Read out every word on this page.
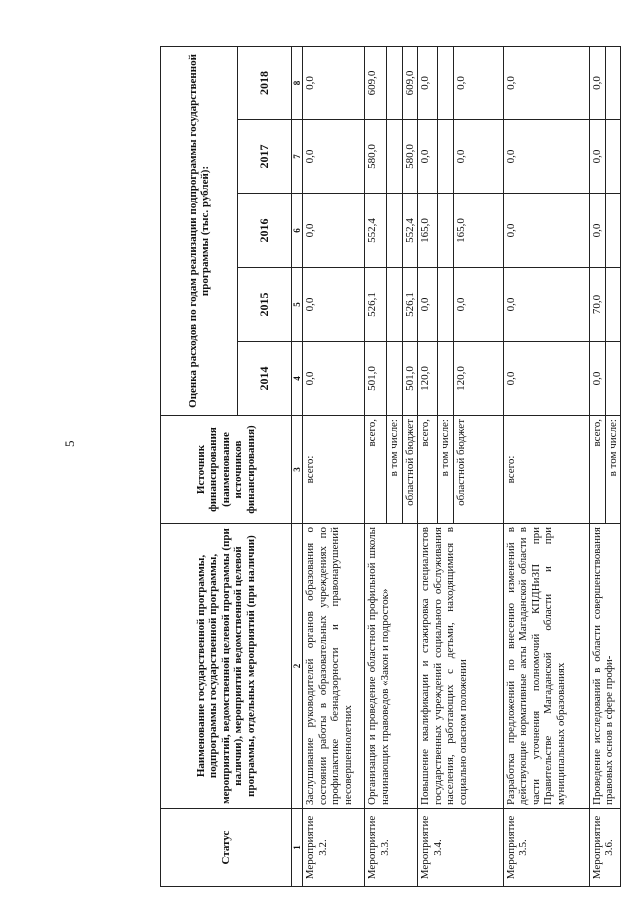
5
Статус	Наименование государственной программы, подпрограммы государственной программы, мероприятий, ведомственной целевой программы (при наличии), мероприятий ведомственной целевой программы, отдельных мероприятий (при наличии)	Источник финансирования (наименование источников финансирования)	Оценка расходов по годам реализации подпрограммы государственной программы (тыс. рублей):				
			2014	2015	2016	2017	2018
1	2	3	4	5	6	7	8
Мероприятие 3.2.	Заслушивание руководителей органов образования о состоянии работы в образовательных учреждениях по профилактике безнадзорности и правонарушений несовершеннолетних	всего:	0,0	0,0	0,0	0,0	0,0
Мероприятие 3.3.	Организация и проведение областной профильной школы начинающих правоведов «Закон и подросток»	всего,	501,0	526,1	552,4	580,0	609,0
		в том числе:					
		областной бюджет	501,0	526,1	552,4	580,0	609,0
Мероприятие 3.4.	Повышение квалификации и стажировка специалистов государственных учреждений социального обслуживания населения, работающих с детьми, находящимися в социально опасном положении	всего,	120,0	0,0	165,0	0,0	0,0
		в том числе:					
		областной бюджет	120,0	0,0	165,0	0,0	0,0
Мероприятие 3.5.	Разработка предложений по внесению изменений в действующие нормативные акты Магаданской области в части уточнения полномочий КПДНиЗП при Правительстве Магаданской области и при муниципальных образованиях	всего:	0,0	0,0	0,0	0,0	0,0
Мероприятие 3.6.	Проведение исследований в области совершенствования правовых основ в сфере профи-	всего,	0,0	70,0	0,0	0,0	0,0
		в том числе:					
